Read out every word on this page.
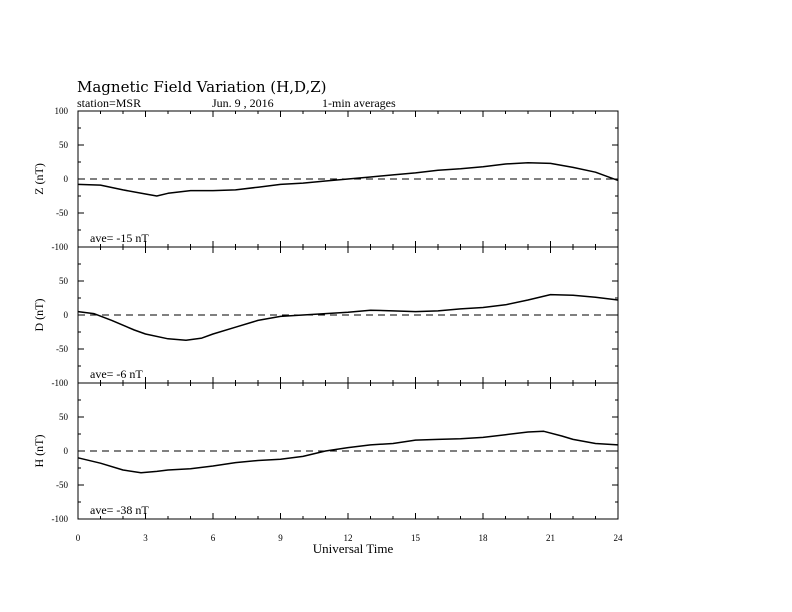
Magnetic Field Variation (H,D,Z)
station=MSR	Jun. 9 , 2016	1-min averages
100
50
0
-50
-100
Z (nT)
ave= -15 nT
50
0
-50
-100
D (nT)
ave= -6 nT
50
0
-50
-100
H (nT)
ave= -38 nT
0	3	6	9	12	15	18	21	24
Universal Time
